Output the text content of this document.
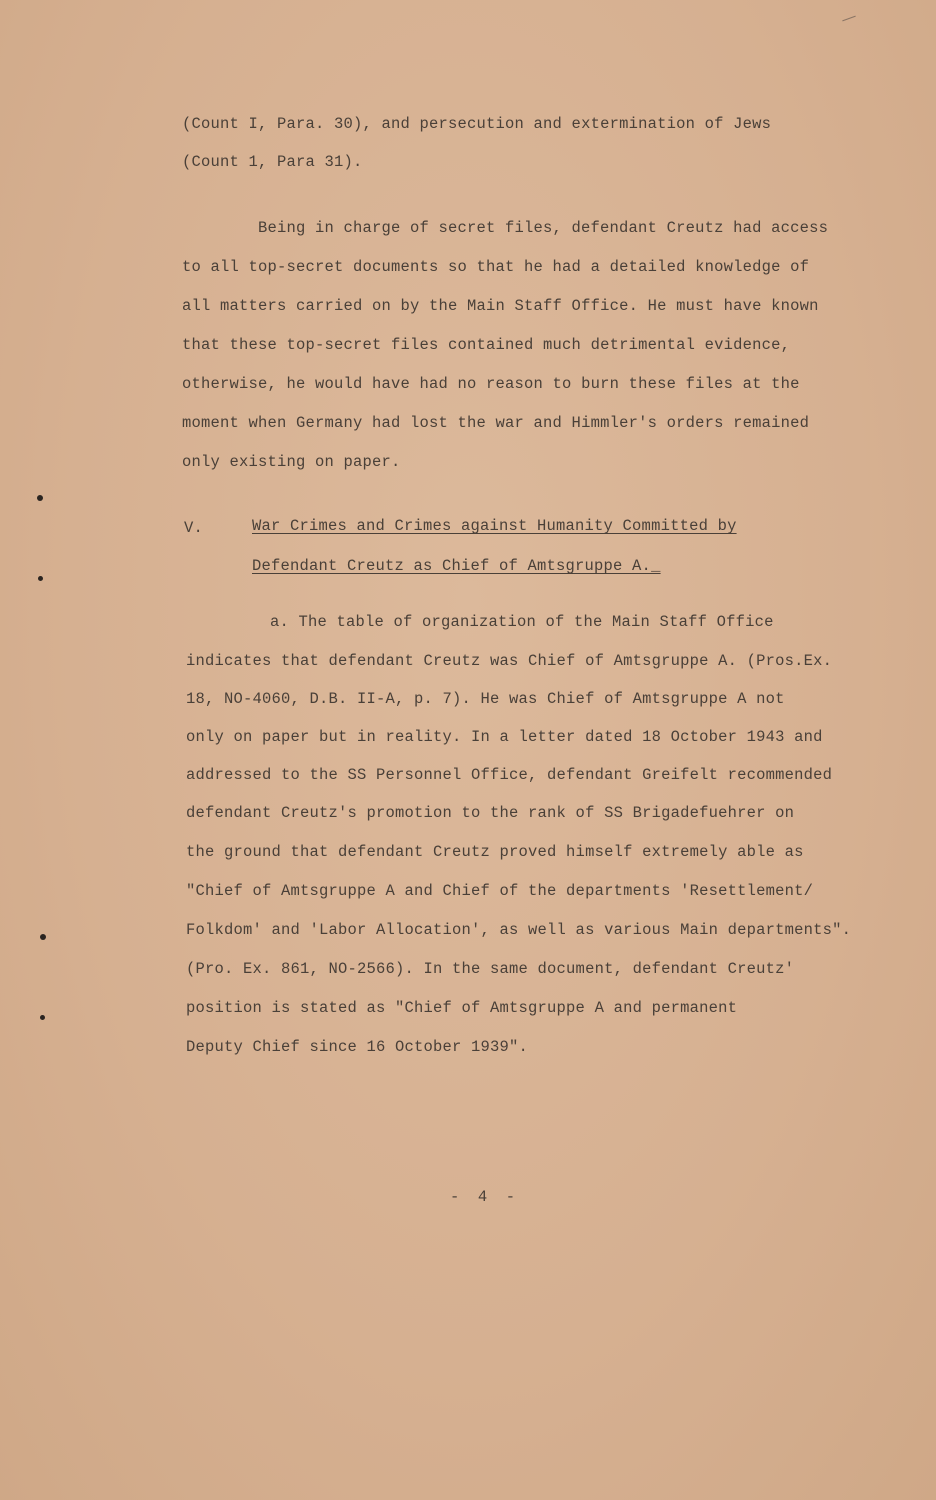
(Count I, Para. 30), and persecution and extermination of Jews
(Count 1, Para 31).
Being in charge of secret files, defendant Creutz had access
to all top-secret documents so that he had a detailed knowledge of
all matters carried on by the Main Staff Office. He must have known
that these top-secret files contained much detrimental evidence,
otherwise, he would have had no reason to burn these files at the
moment when Germany had lost the war and Himmler's orders remained
only existing on paper.
V.	War Crimes and Crimes against Humanity Committed by
Defendant Creutz as Chief of Amtsgruppe A._
a. The table of organization of the Main Staff Office
indicates that defendant Creutz was Chief of Amtsgruppe A. (Pros.Ex.
18, NO-4060, D.B. II-A, p. 7). He was Chief of Amtsgruppe A not
only on paper but in reality. In a letter dated 18 October 1943 and
addressed to the SS Personnel Office, defendant Greifelt recommended
defendant Creutz's promotion to the rank of SS Brigadefuehrer on
the ground that defendant Creutz proved himself extremely able as
"Chief of Amtsgruppe A and Chief of the departments 'Resettlement/
Folkdom' and 'Labor Allocation', as well as various Main departments".
(Pro. Ex. 861, NO-2566). In the same document, defendant Creutz'
position is stated as "Chief of Amtsgruppe A and permanent
Deputy Chief since 16 October 1939".
-  4  -
